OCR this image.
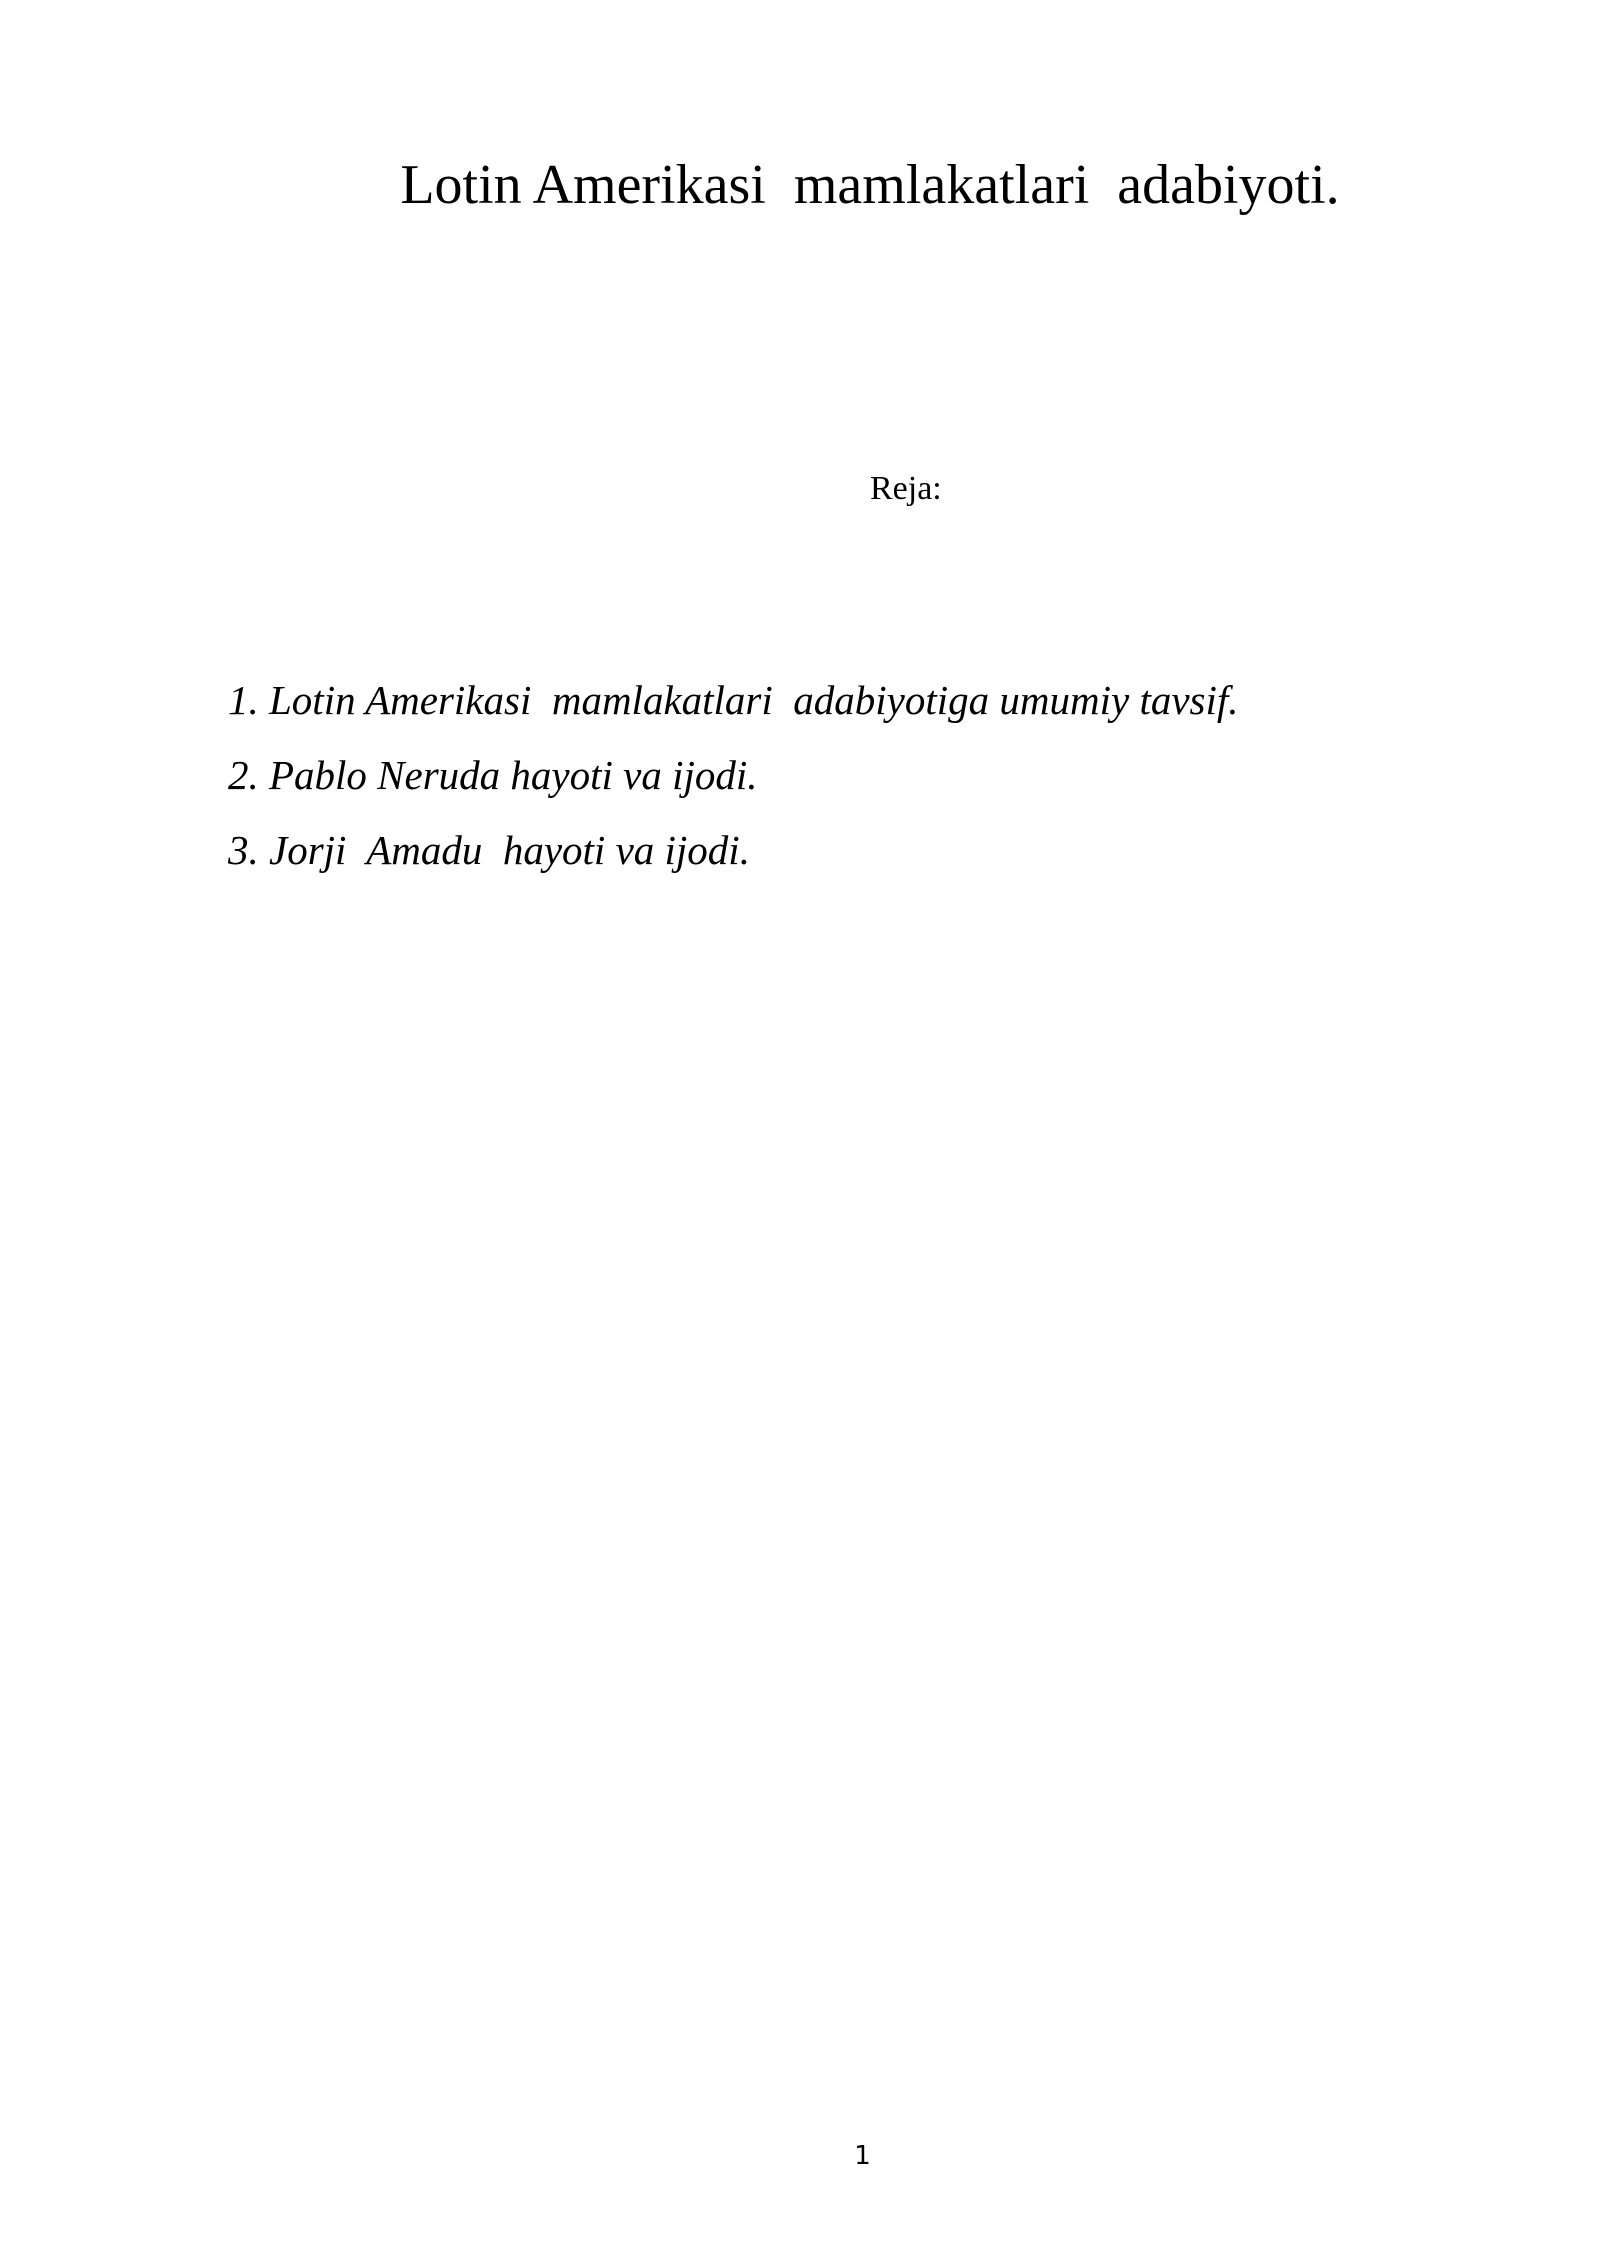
Lotin Amerikasi  mamlakatlari  adabiyoti.
Reja:
1. Lotin Amerikasi  mamlakatlari  adabiyotiga umumiy tavsif.
2. Pablo Neruda hayoti va ijodi.
3. Jorji  Amadu  hayoti va ijodi.
1
